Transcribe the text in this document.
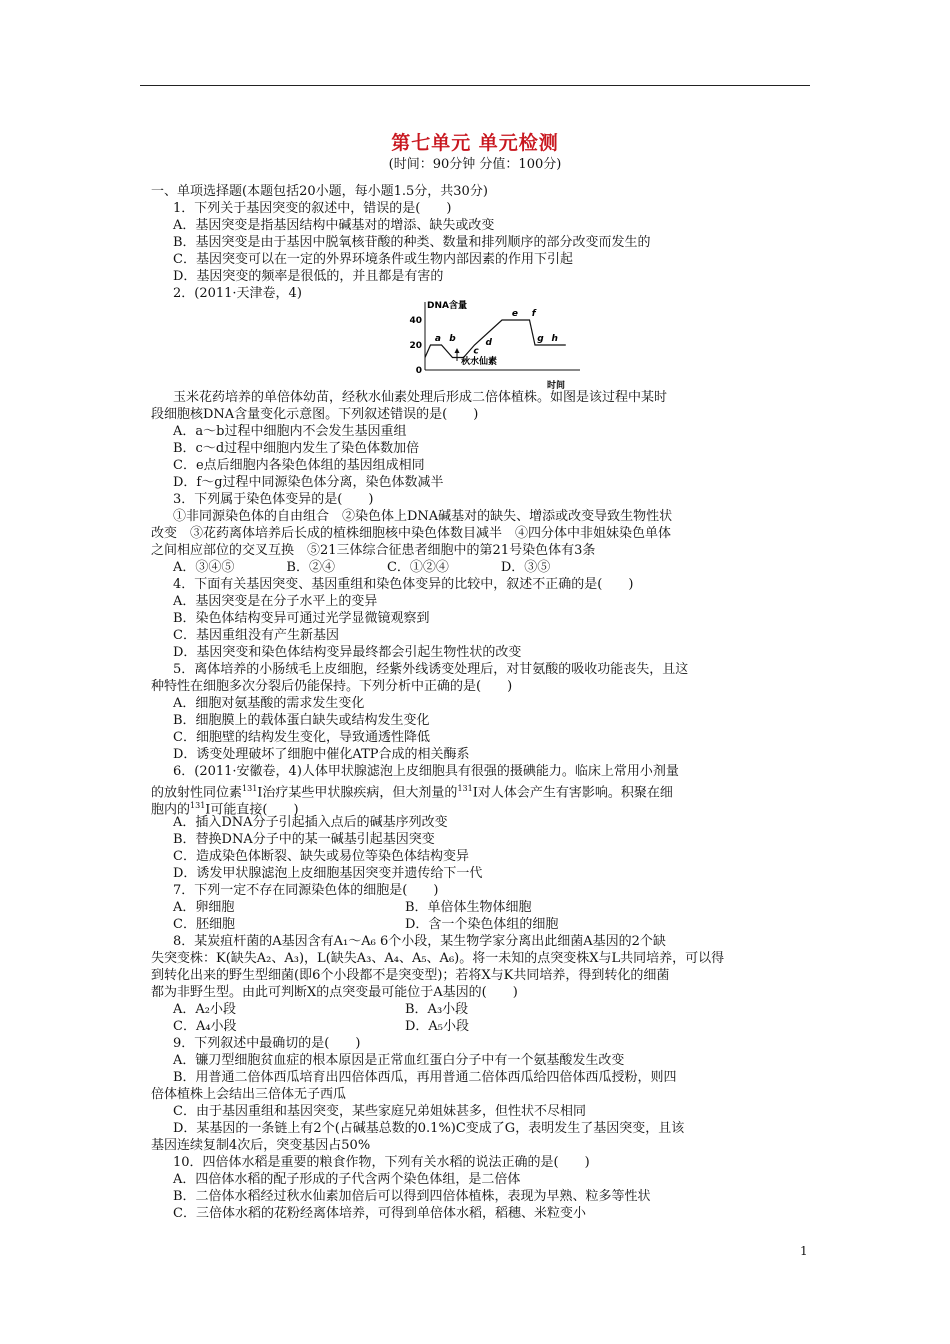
第七单元 单元检测
(时间：90分钟 分值：100分)
一、单项选择题(本题包括20小题，每小题1.5分，共30分)
1．下列关于基因突变的叙述中，错误的是(　　)
A．基因突变是指基因结构中碱基对的增添、缺失或改变
B．基因突变是由于基因中脱氧核苷酸的种类、数量和排列顺序的部分改变而发生的
C．基因突变可以在一定的外界环境条件或生物内部因素的作用下引起
D．基因突变的频率是很低的，并且都是有害的
2．(2011·天津卷，4)
DNA含量
时间
40
20
0
a b
c
d
e f
g h
秋水仙素
玉米花药培养的单倍体幼苗，经秋水仙素处理后形成二倍体植株。如图是该过程中某时
段细胞核DNA含量变化示意图。下列叙述错误的是(　　)
A．a～b过程中细胞内不会发生基因重组
B．c～d过程中细胞内发生了染色体数加倍
C．e点后细胞内各染色体组的基因组成相同
D．f～g过程中同源染色体分离，染色体数减半
3．下列属于染色体变异的是(　　)
①非同源染色体的自由组合　②染色体上DNA碱基对的缺失、增添或改变导致生物性状
改变　③花药离体培养后长成的植株细胞核中染色体数目减半　④四分体中非姐妹染色单体
之间相应部位的交叉互换　⑤21三体综合征患者细胞中的第21号染色体有3条
A．③④⑤　　　　B．②④　　　　C．①②④　　　　D．③⑤
4．下面有关基因突变、基因重组和染色体变异的比较中，叙述不正确的是(　　)
A．基因突变是在分子水平上的变异
B．染色体结构变异可通过光学显微镜观察到
C．基因重组没有产生新基因
D．基因突变和染色体结构变异最终都会引起生物性状的改变
5．离体培养的小肠绒毛上皮细胞，经紫外线诱变处理后，对甘氨酸的吸收功能丧失，且这
种特性在细胞多次分裂后仍能保持。下列分析中正确的是(　　)
A．细胞对氨基酸的需求发生变化
B．细胞膜上的载体蛋白缺失或结构发生变化
C．细胞壁的结构发生变化，导致通透性降低
D．诱变处理破坏了细胞中催化ATP合成的相关酶系
6．(2011·安徽卷，4)人体甲状腺滤泡上皮细胞具有很强的摄碘能力。临床上常用小剂量
的放射性同位素$^{131}$I治疗某些甲状腺疾病，但大剂量的$^{131}$I对人体会产生有害影响。积聚在细
胞内的$^{131}$I可能直接(　　)
A．插入DNA分子引起插入点后的碱基序列改变
B．替换DNA分子中的某一碱基引起基因突变
C．造成染色体断裂、缺失或易位等染色体结构变异
D．诱发甲状腺滤泡上皮细胞基因突变并遗传给下一代
7．下列一定不存在同源染色体的细胞是(　　)
A．卵细胞	B．单倍体生物体细胞
C．胚细胞	D．含一个染色体组的细胞
8．某炭疽杆菌的A基因含有A₁～A₆ 6个小段，某生物学家分离出此细菌A基因的2个缺
失突变株：K(缺失A₂、A₃)，L(缺失A₃、A₄、A₅、A₆)。将一未知的点突变株X与L共同培养，可以得
到转化出来的野生型细菌(即6个小段都不是突变型)；若将X与K共同培养，得到转化的细菌
都为非野生型。由此可判断X的点突变最可能位于A基因的(　　)
A．A₂小段	B．A₃小段
C．A₄小段	D．A₅小段
9．下列叙述中最确切的是(　　)
A．镰刀型细胞贫血症的根本原因是正常血红蛋白分子中有一个氨基酸发生改变
B．用普通二倍体西瓜培育出四倍体西瓜，再用普通二倍体西瓜给四倍体西瓜授粉，则四
倍体植株上会结出三倍体无子西瓜
C．由于基因重组和基因突变，某些家庭兄弟姐妹甚多，但性状不尽相同
D．某基因的一条链上有2个(占碱基总数的0.1%)C变成了G，表明发生了基因突变，且该
基因连续复制4次后，突变基因占50%
10．四倍体水稻是重要的粮食作物，下列有关水稻的说法正确的是(　　)
A．四倍体水稻的配子形成的子代含两个染色体组，是二倍体
B．二倍体水稻经过秋水仙素加倍后可以得到四倍体植株，表现为早熟、粒多等性状
C．三倍体水稻的花粉经离体培养，可得到单倍体水稻，稻穗、米粒变小
1
